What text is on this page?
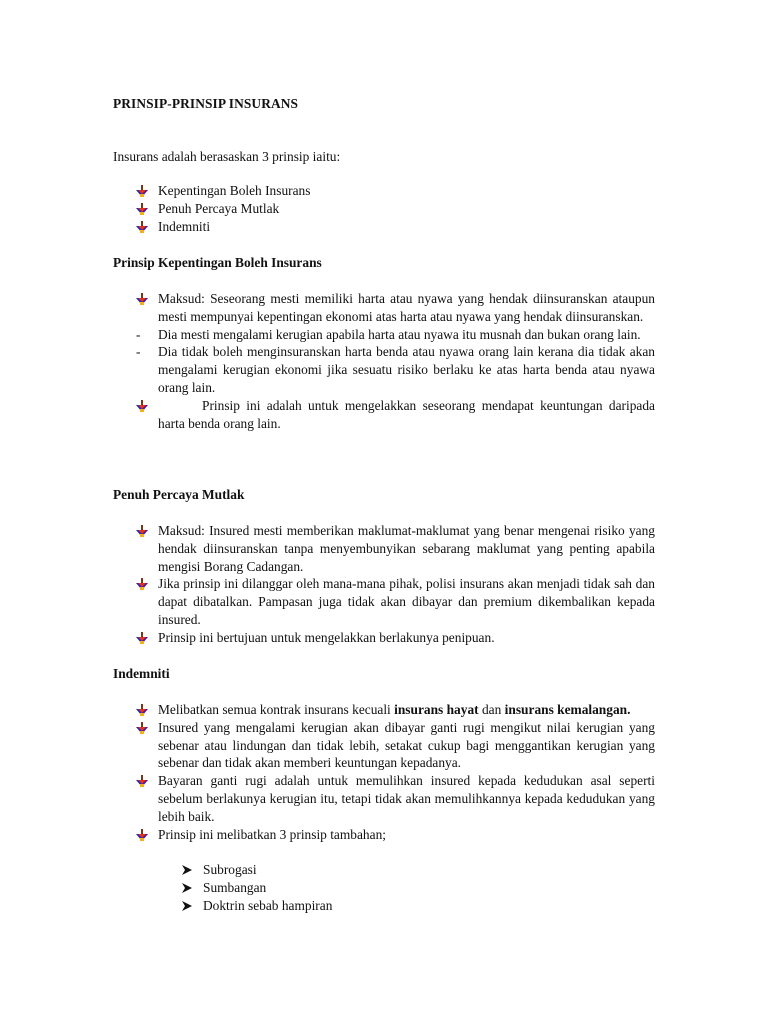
PRINSIP-PRINSIP INSURANS
Insurans adalah berasaskan 3 prinsip iaitu:
Kepentingan Boleh Insurans
Penuh Percaya Mutlak
Indemniti
Prinsip Kepentingan Boleh Insurans
Maksud: Seseorang mesti memiliki harta atau nyawa yang hendak diinsuranskan ataupun mesti mempunyai kepentingan ekonomi atas harta atau nyawa yang hendak diinsuranskan.
- Dia mesti mengalami kerugian apabila harta atau nyawa itu musnah dan bukan orang lain.
- Dia tidak boleh menginsuranskan harta benda atau nyawa orang lain kerana dia tidak akan mengalami kerugian ekonomi jika sesuatu risiko berlaku ke atas harta benda atau nyawa orang lain.
Prinsip ini adalah untuk mengelakkan seseorang mendapat keuntungan daripada harta benda orang lain.
Penuh Percaya Mutlak
Maksud: Insured mesti memberikan maklumat-maklumat yang benar mengenai risiko yang hendak diinsuranskan tanpa menyembunyikan sebarang maklumat yang penting apabila mengisi Borang Cadangan.
Jika prinsip ini dilanggar oleh mana-mana pihak, polisi insurans akan menjadi tidak sah dan dapat dibatalkan. Pampasan juga tidak akan dibayar dan premium dikembalikan kepada insured.
Prinsip ini bertujuan untuk mengelakkan berlakunya penipuan.
Indemniti
Melibatkan semua kontrak insurans kecuali insurans hayat dan insurans kemalangan.
Insured yang mengalami kerugian akan dibayar ganti rugi mengikut nilai kerugian yang sebenar atau lindungan dan tidak lebih, setakat cukup bagi menggantikan kerugian yang sebenar dan tidak akan memberi keuntungan kepadanya.
Bayaran ganti rugi adalah untuk memulihkan insured kepada kedudukan asal seperti sebelum berlakunya kerugian itu, tetapi tidak akan memulihkannya kepada kedudukan yang lebih baik.
Prinsip ini melibatkan 3 prinsip tambahan;
Subrogasi
Sumbangan
Doktrin sebab hampiran
